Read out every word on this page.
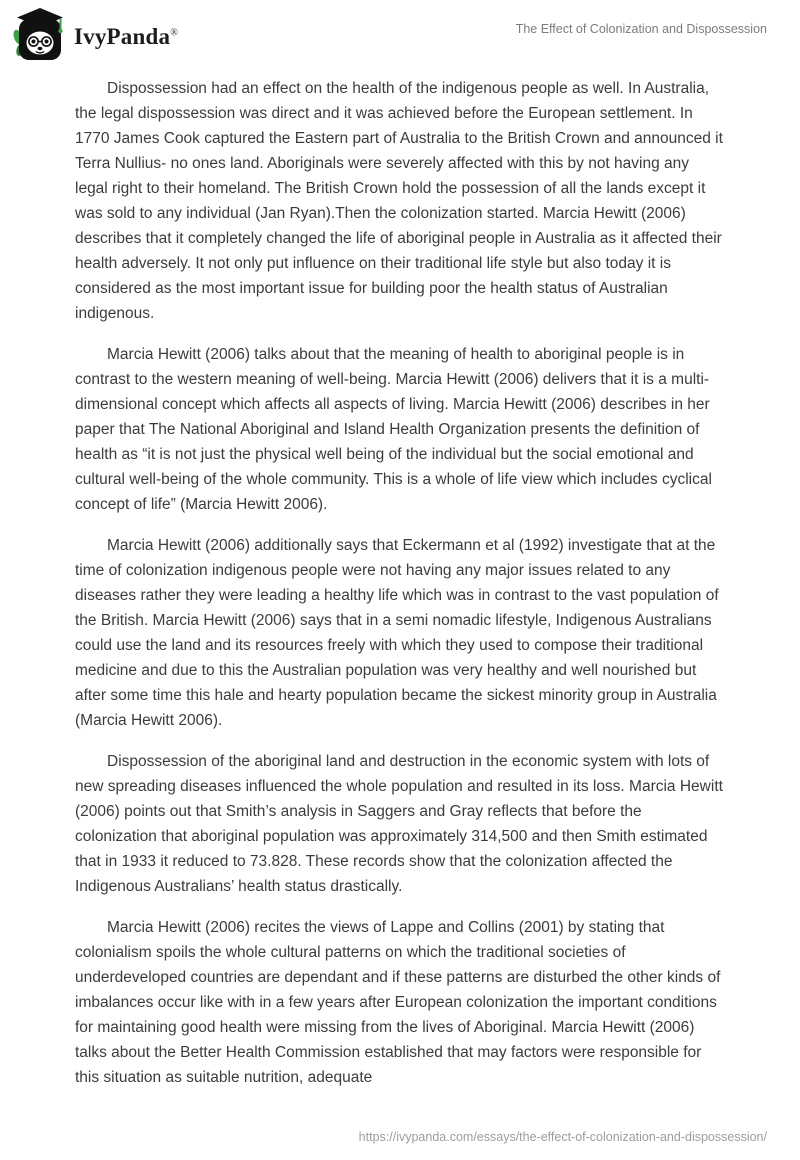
IvyPanda®	The Effect of Colonization and Dispossession

Dispossession had an effect on the health of the indigenous people as well. In Australia, the legal dispossession was direct and it was achieved before the European settlement. In 1770 James Cook captured the Eastern part of Australia to the British Crown and announced it Terra Nullius- no ones land. Aboriginals were severely affected with this by not having any legal right to their homeland. The British Crown hold the possession of all the lands except it was sold to any individual (Jan Ryan).Then the colonization started. Marcia Hewitt (2006) describes that it completely changed the life of aboriginal people in Australia as it affected their health adversely. It not only put influence on their traditional life style but also today it is considered as the most important issue for building poor the health status of Australian indigenous.

Marcia Hewitt (2006) talks about that the meaning of health to aboriginal people is in contrast to the western meaning of well-being. Marcia Hewitt (2006) delivers that it is a multi-dimensional concept which affects all aspects of living. Marcia Hewitt (2006) describes in her paper that The National Aboriginal and Island Health Organization presents the definition of health as “it is not just the physical well being of the individual but the social emotional and cultural well-being of the whole community. This is a whole of life view which includes cyclical concept of life” (Marcia Hewitt 2006).

Marcia Hewitt (2006) additionally says that Eckermann et al (1992) investigate that at the time of colonization indigenous people were not having any major issues related to any diseases rather they were leading a healthy life which was in contrast to the vast population of the British. Marcia Hewitt (2006) says that in a semi nomadic lifestyle, Indigenous Australians could use the land and its resources freely with which they used to compose their traditional medicine and due to this the Australian population was very healthy and well nourished but after some time this hale and hearty population became the sickest minority group in Australia (Marcia Hewitt 2006).

Dispossession of the aboriginal land and destruction in the economic system with lots of new spreading diseases influenced the whole population and resulted in its loss. Marcia Hewitt (2006) points out that Smith’s analysis in Saggers and Gray reflects that before the colonization that aboriginal population was approximately 314,500 and then Smith estimated that in 1933 it reduced to 73.828. These records show that the colonization affected the Indigenous Australians’ health status drastically.

Marcia Hewitt (2006) recites the views of Lappe and Collins (2001) by stating that colonialism spoils the whole cultural patterns on which the traditional societies of underdeveloped countries are dependant and if these patterns are disturbed the other kinds of imbalances occur like with in a few years after European colonization the important conditions for maintaining good health were missing from the lives of Aboriginal. Marcia Hewitt (2006) talks about the Better Health Commission established that may factors were responsible for this situation as suitable nutrition, adequate

https://ivypanda.com/essays/the-effect-of-colonization-and-dispossession/
